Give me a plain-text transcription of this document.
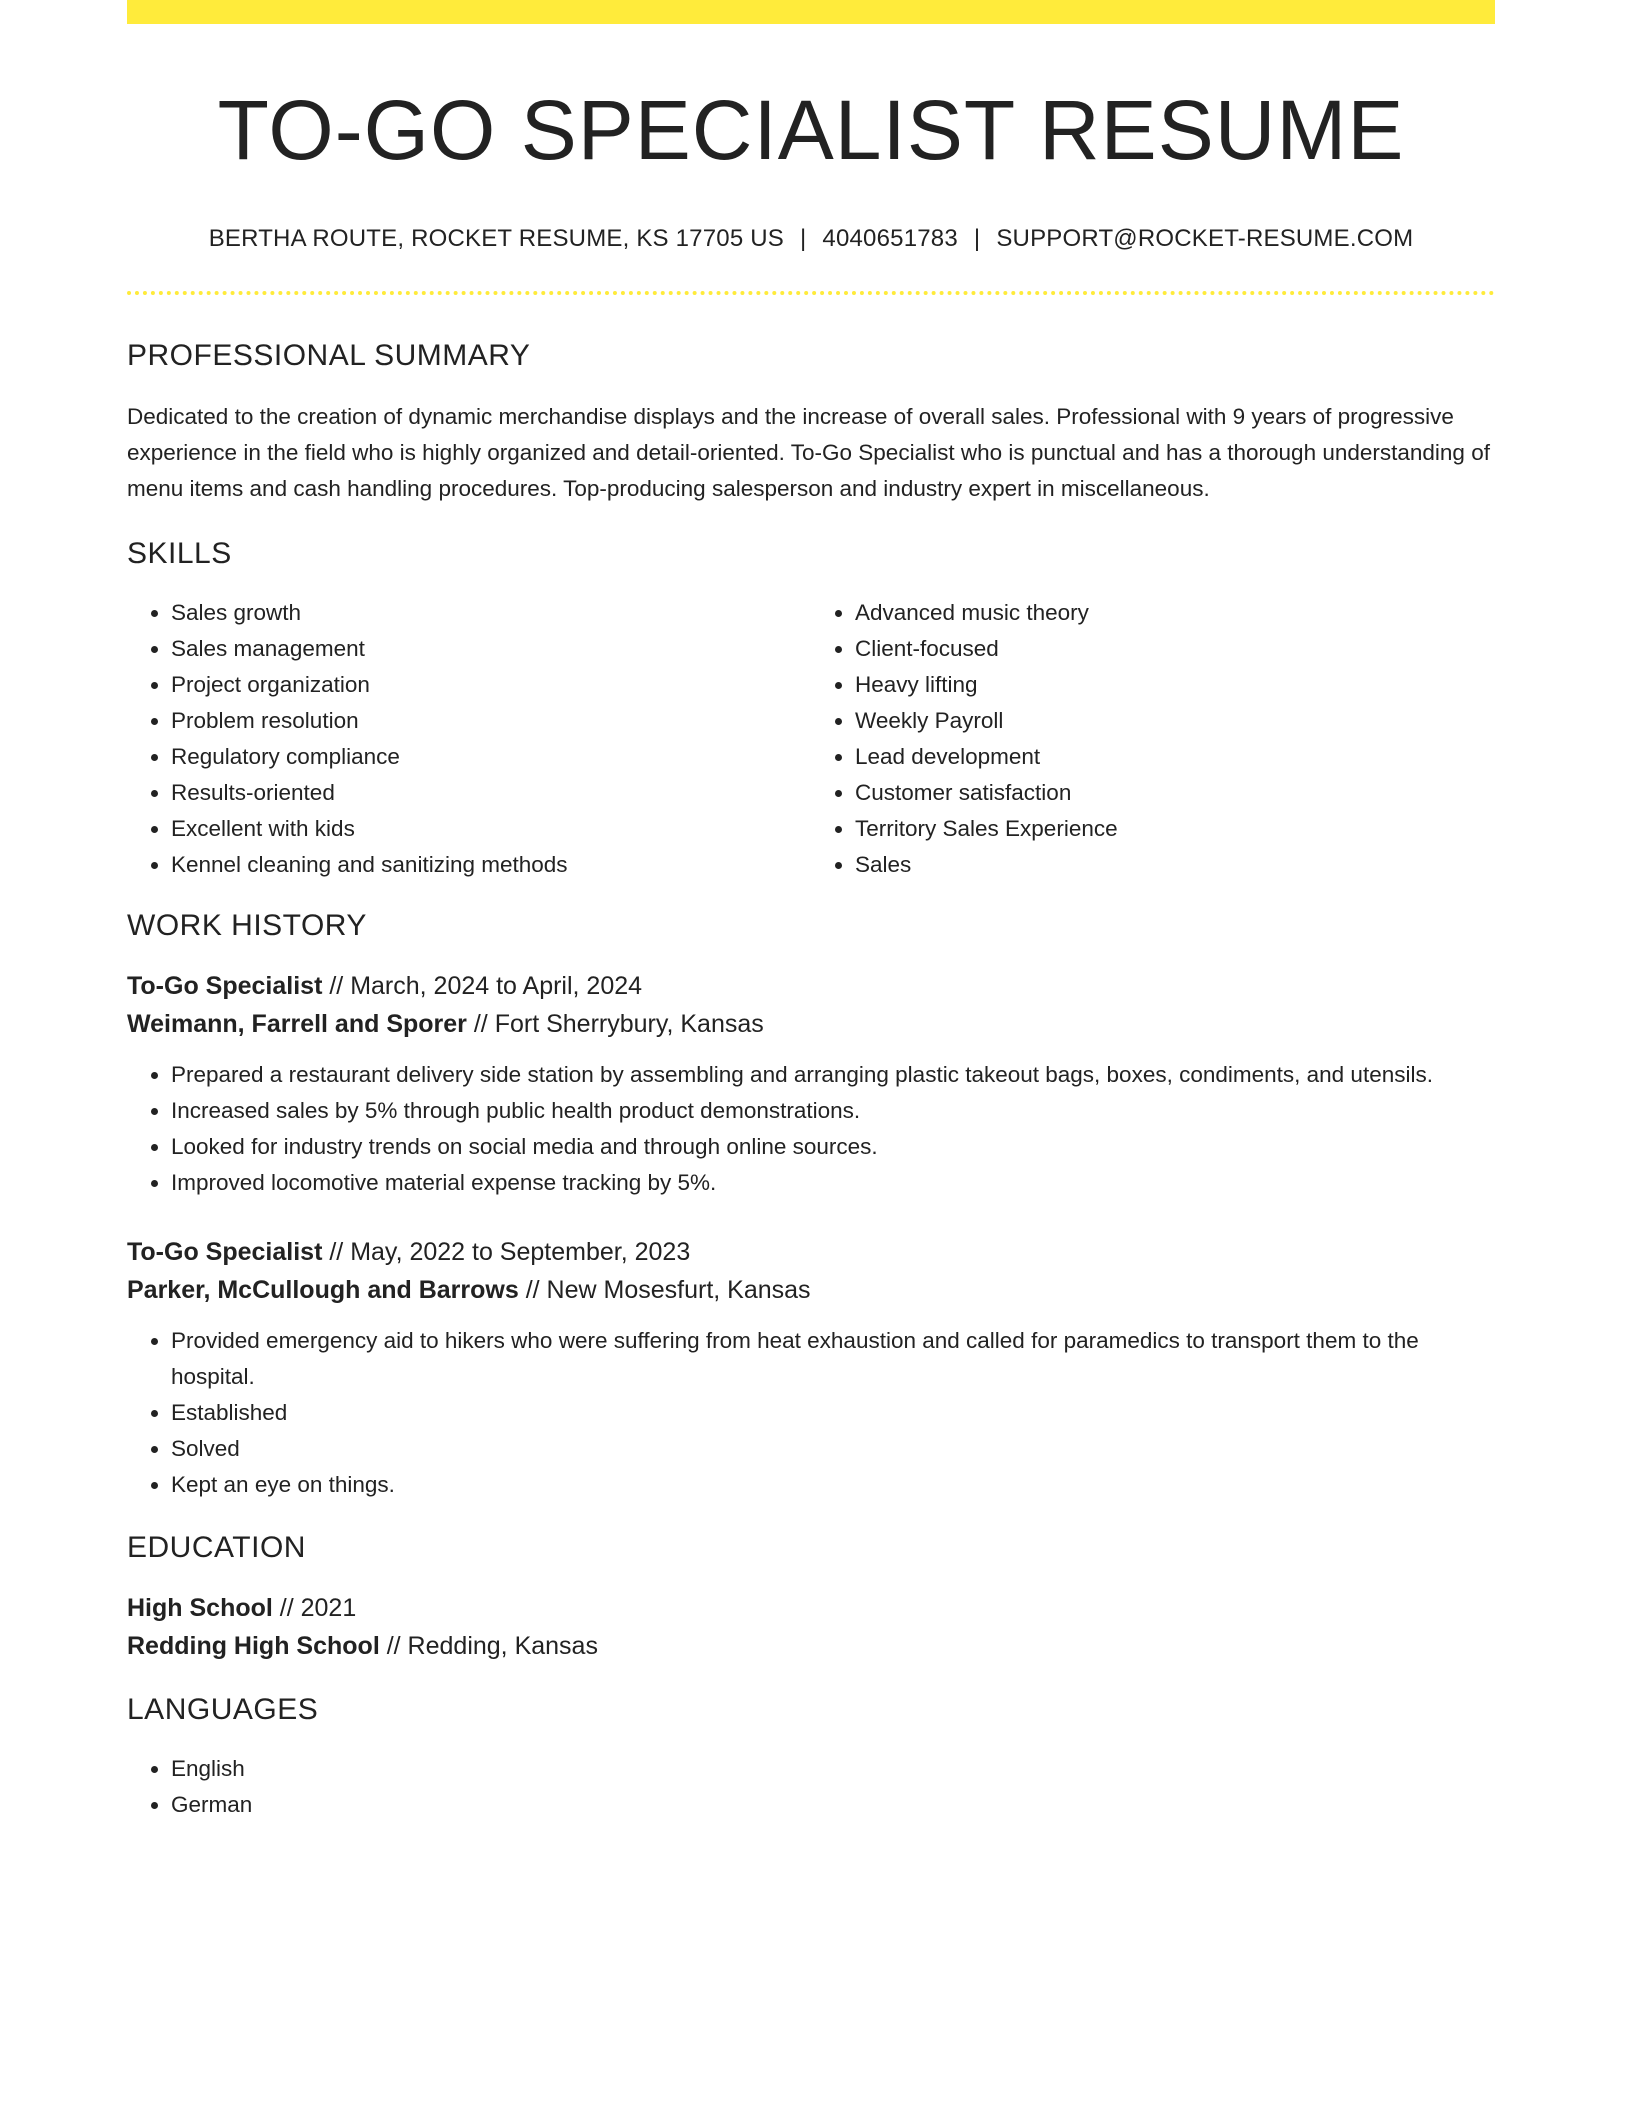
TO-GO SPECIALIST RESUME
BERTHA ROUTE, ROCKET RESUME, KS 17705 US | 4040651783 | SUPPORT@ROCKET-RESUME.COM
PROFESSIONAL SUMMARY

Dedicated to the creation of dynamic merchandise displays and the increase of overall sales. Professional with 9 years of progressive experience in the field who is highly organized and detail-oriented. To-Go Specialist who is punctual and has a thorough understanding of menu items and cash handling procedures. Top-producing salesperson and industry expert in miscellaneous.

SKILLS
• Sales growth
• Sales management
• Project organization
• Problem resolution
• Regulatory compliance
• Results-oriented
• Excellent with kids
• Kennel cleaning and sanitizing methods
• Advanced music theory
• Client-focused
• Heavy lifting
• Weekly Payroll
• Lead development
• Customer satisfaction
• Territory Sales Experience
• Sales
WORK HISTORY
To-Go Specialist // March, 2024 to April, 2024
Weimann, Farrell and Sporer // Fort Sherrybury, Kansas
• Prepared a restaurant delivery side station by assembling and arranging plastic takeout bags, boxes, condiments, and utensils.
• Increased sales by 5% through public health product demonstrations.
• Looked for industry trends on social media and through online sources.
• Improved locomotive material expense tracking by 5%.
To-Go Specialist // May, 2022 to September, 2023
Parker, McCullough and Barrows // New Mosesfurt, Kansas
• Provided emergency aid to hikers who were suffering from heat exhaustion and called for paramedics to transport them to the hospital.
• Established
• Solved
• Kept an eye on things.
EDUCATION
High School // 2021
Redding High School // Redding, Kansas
LANGUAGES
• English
• German
